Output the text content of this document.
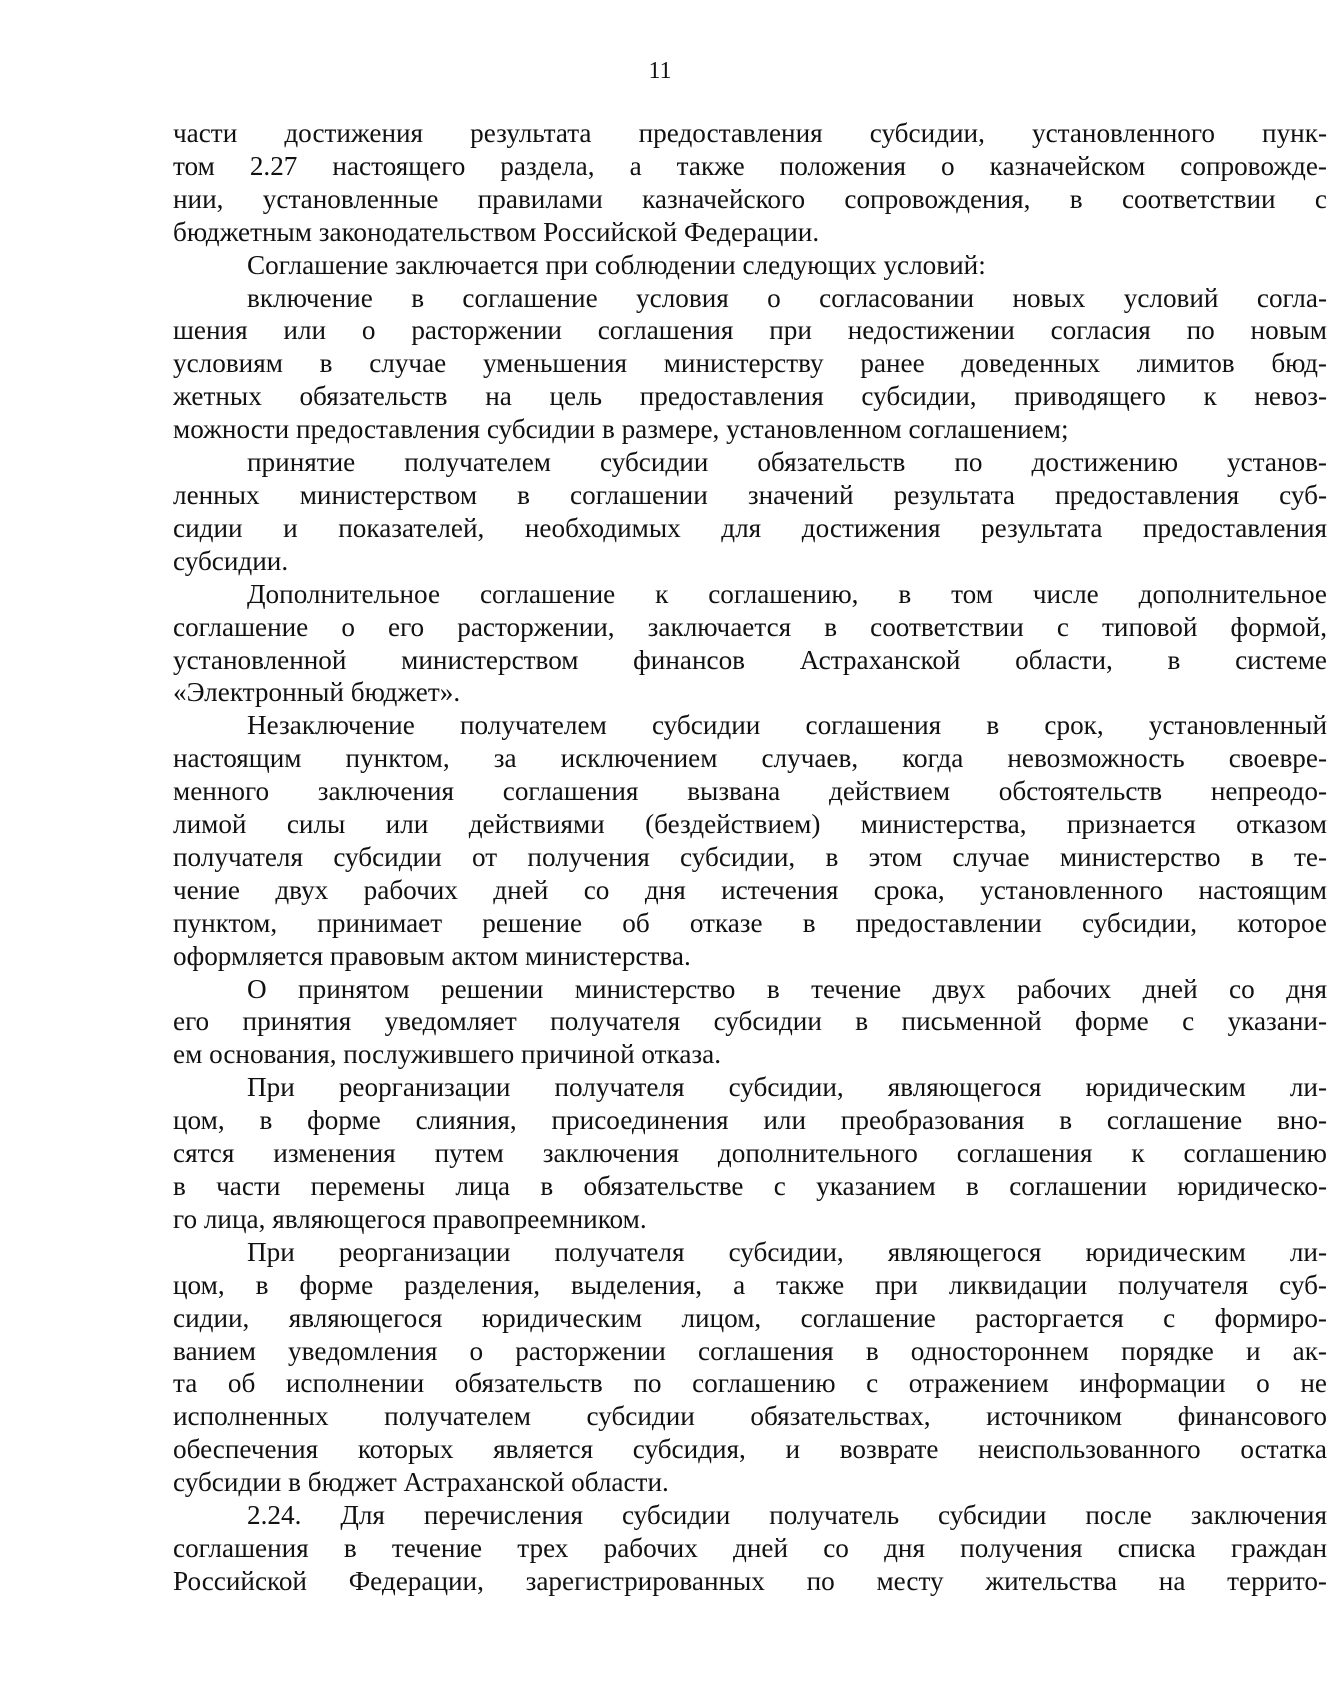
11
части достижения результата предоставления субсидии, установленного пунк-
том 2.27 настоящего раздела, а также положения о казначейском сопровожде-
нии, установленные правилами казначейского сопровождения, в соответствии с
бюджетным законодательством Российской Федерации.
Соглашение заключается при соблюдении следующих условий:
включение в соглашение условия о согласовании новых условий согла-
шения или о расторжении соглашения при недостижении согласия по новым
условиям в случае уменьшения министерству ранее доведенных лимитов бюд-
жетных обязательств на цель предоставления субсидии, приводящего к невоз-
можности предоставления субсидии в размере, установленном соглашением;
принятие получателем субсидии обязательств по достижению установ-
ленных министерством в соглашении значений результата предоставления суб-
сидии и показателей, необходимых для достижения результата предоставления
субсидии.
Дополнительное соглашение к соглашению, в том числе дополнительное
соглашение о его расторжении, заключается в соответствии с типовой формой,
установленной министерством финансов Астраханской области, в системе
«Электронный бюджет».
Незаключение получателем субсидии соглашения в срок, установленный
настоящим пунктом, за исключением случаев, когда невозможность своевре-
менного заключения соглашения вызвана действием обстоятельств непреодо-
лимой силы или действиями (бездействием) министерства, признается отказом
получателя субсидии от получения субсидии, в этом случае министерство в те-
чение двух рабочих дней со дня истечения срока, установленного настоящим
пунктом, принимает решение об отказе в предоставлении субсидии, которое
оформляется правовым актом министерства.
О принятом решении министерство в течение двух рабочих дней со дня
его принятия уведомляет получателя субсидии в письменной форме с указани-
ем основания, послужившего причиной отказа.
При реорганизации получателя субсидии, являющегося юридическим ли-
цом, в форме слияния, присоединения или преобразования в соглашение вно-
сятся изменения путем заключения дополнительного соглашения к соглашению
в части перемены лица в обязательстве с указанием в соглашении юридическо-
го лица, являющегося правопреемником.
При реорганизации получателя субсидии, являющегося юридическим ли-
цом, в форме разделения, выделения, а также при ликвидации получателя суб-
сидии, являющегося юридическим лицом, соглашение расторгается с формиро-
ванием уведомления о расторжении соглашения в одностороннем порядке и ак-
та об исполнении обязательств по соглашению с отражением информации о не
исполненных получателем субсидии обязательствах, источником финансового
обеспечения которых является субсидия, и возврате неиспользованного остатка
субсидии в бюджет Астраханской области.
2.24. Для перечисления субсидии получатель субсидии после заключения
соглашения в течение трех рабочих дней со дня получения списка граждан
Российской Федерации, зарегистрированных по месту жительства на террито-
